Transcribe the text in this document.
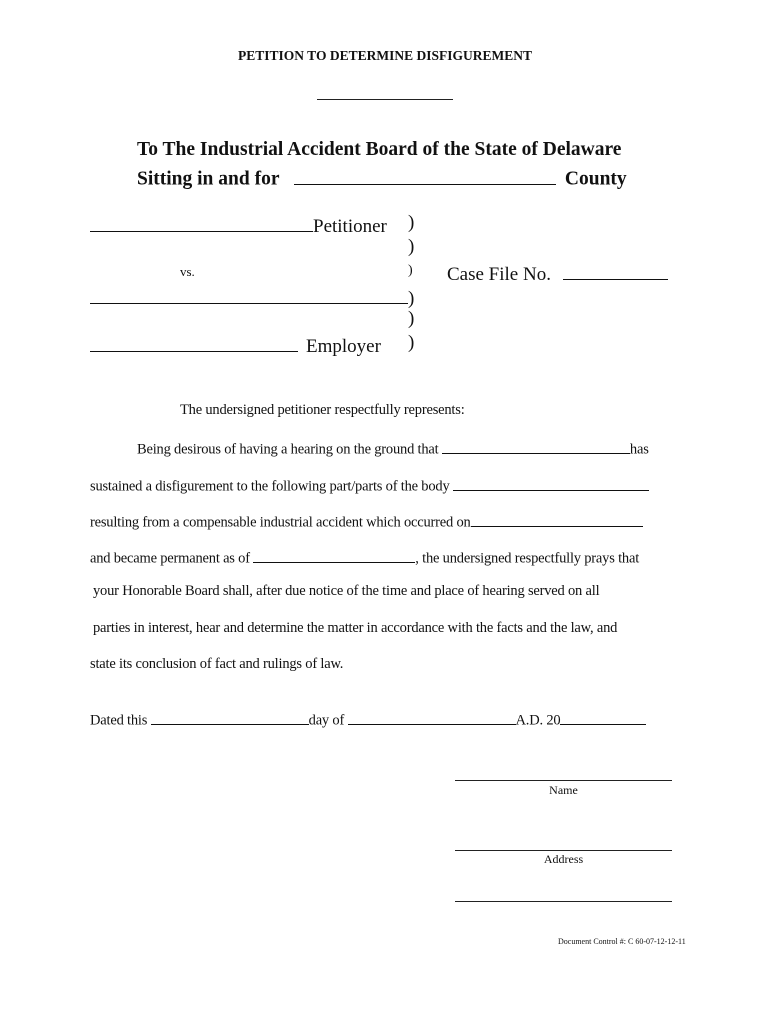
PETITION TO DETERMINE DISFIGUREMENT
To The Industrial Accident Board of the State of Delaware
Sitting in and for	County
Petitioner )
)
vs.	) Case File No.
)
)
Employer )
The undersigned petitioner respectfully represents:
Being desirous of having a hearing on the ground that	has
sustained a disfigurement to the following part/parts of the body
resulting from a compensable industrial accident which occurred on
and became permanent as of	, the undersigned respectfully prays that
your Honorable Board shall, after due notice of the time and place of hearing served on all
parties in interest, hear and determine the matter in accordance with the facts and the law, and
state its conclusion of fact and rulings of law.
Dated this	day of	A.D. 20
Name
Address
Document Control #: C 60-07-12-12-11
